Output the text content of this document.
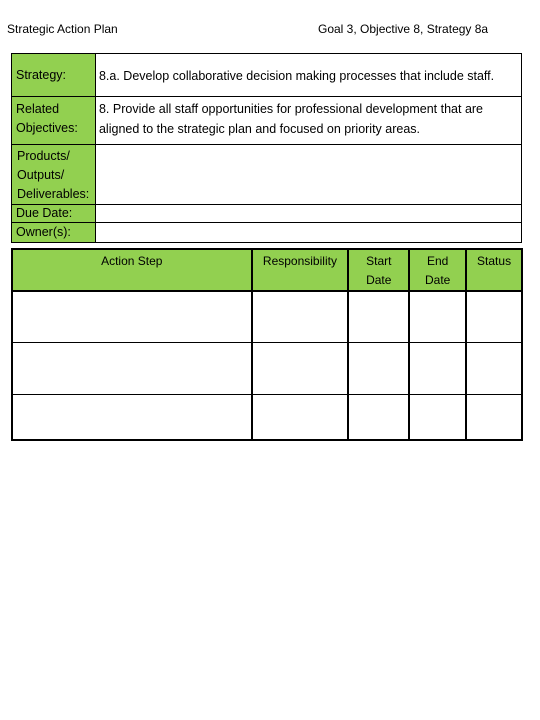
Strategic Action Plan	Goal 3, Objective 8, Strategy 8a
Strategy:	8.a. Develop collaborative decision making processes that include staff.
Related Objectives:	8. Provide all staff opportunities for professional development that are aligned to the strategic plan and focused on priority areas.
Products/ Outputs/ Deliverables:	
Due Date:	
Owner(s):	
Action Step	Responsibility	Start Date	End Date	Status
